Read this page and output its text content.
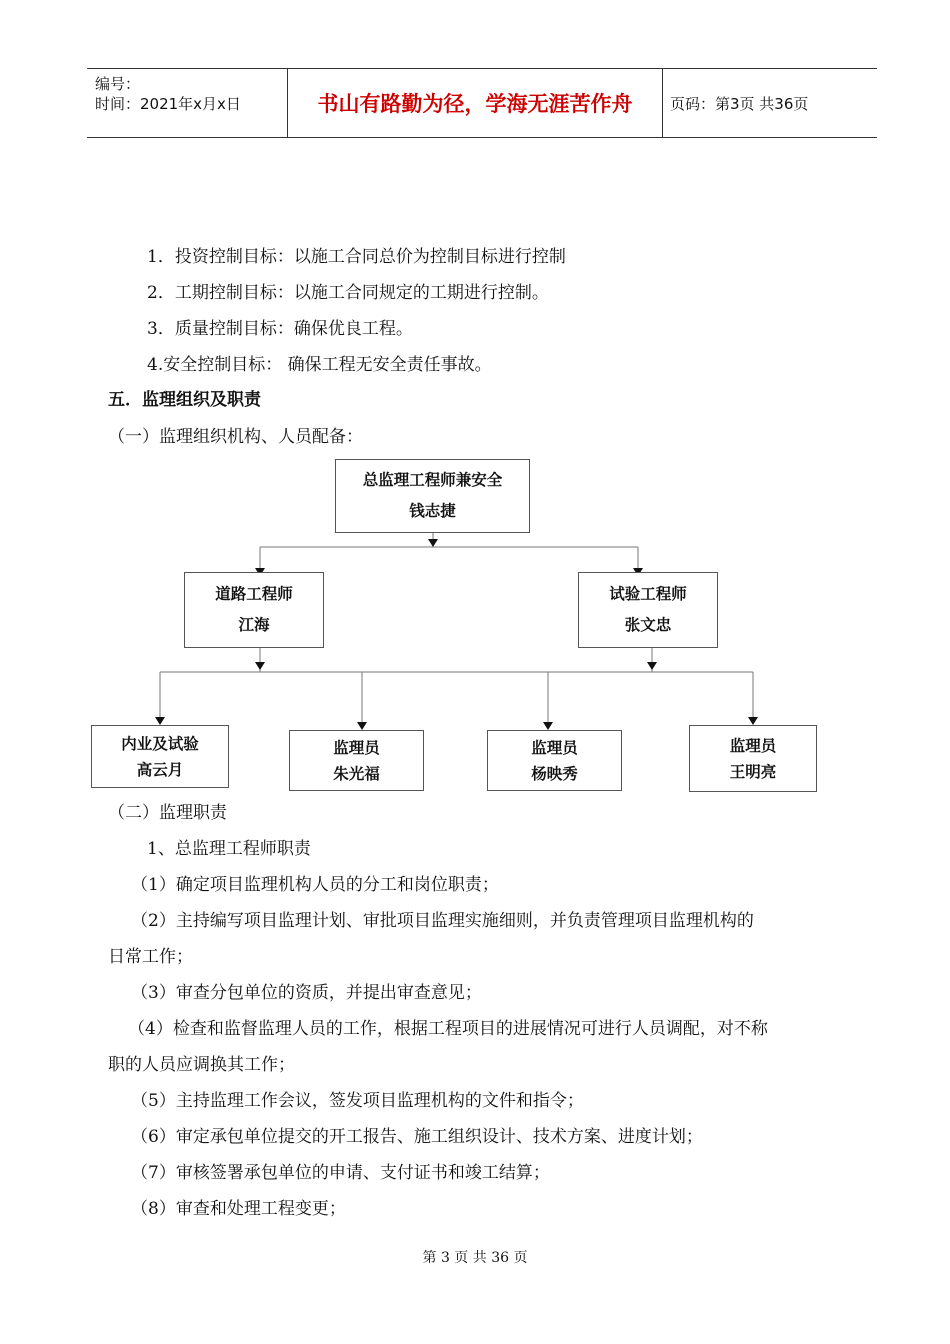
编号：
时间：2021年x月x日	书山有路勤为径，学海无涯苦作舟	页码：第3页 共36页
1．投资控制目标：以施工合同总价为控制目标进行控制
2．工期控制目标：以施工合同规定的工期进行控制。
3．质量控制目标：确保优良工程。
4.安全控制目标： 确保工程无安全责任事故。
五．监理组织及职责
（一）监理组织机构、人员配备：
总监理工程师兼安全
钱志捷
道路工程师
江海
试验工程师
张文忠
内业及试验
高云月
监理员
朱光福
监理员
杨映秀
监理员
王明亮
（二）监理职责
1、总监理工程师职责
（1）确定项目监理机构人员的分工和岗位职责；
（2）主持编写项目监理计划、审批项目监理实施细则，并负责管理项目监理机构的
日常工作；
（3）审查分包单位的资质，并提出审查意见；
（4）检查和监督监理人员的工作，根据工程项目的进展情况可进行人员调配，对不称
职的人员应调换其工作；
（5）主持监理工作会议，签发项目监理机构的文件和指令；
（6）审定承包单位提交的开工报告、施工组织设计、技术方案、进度计划；
（7）审核签署承包单位的申请、支付证书和竣工结算；
（8）审查和处理工程变更；
第 3 页 共 36 页
